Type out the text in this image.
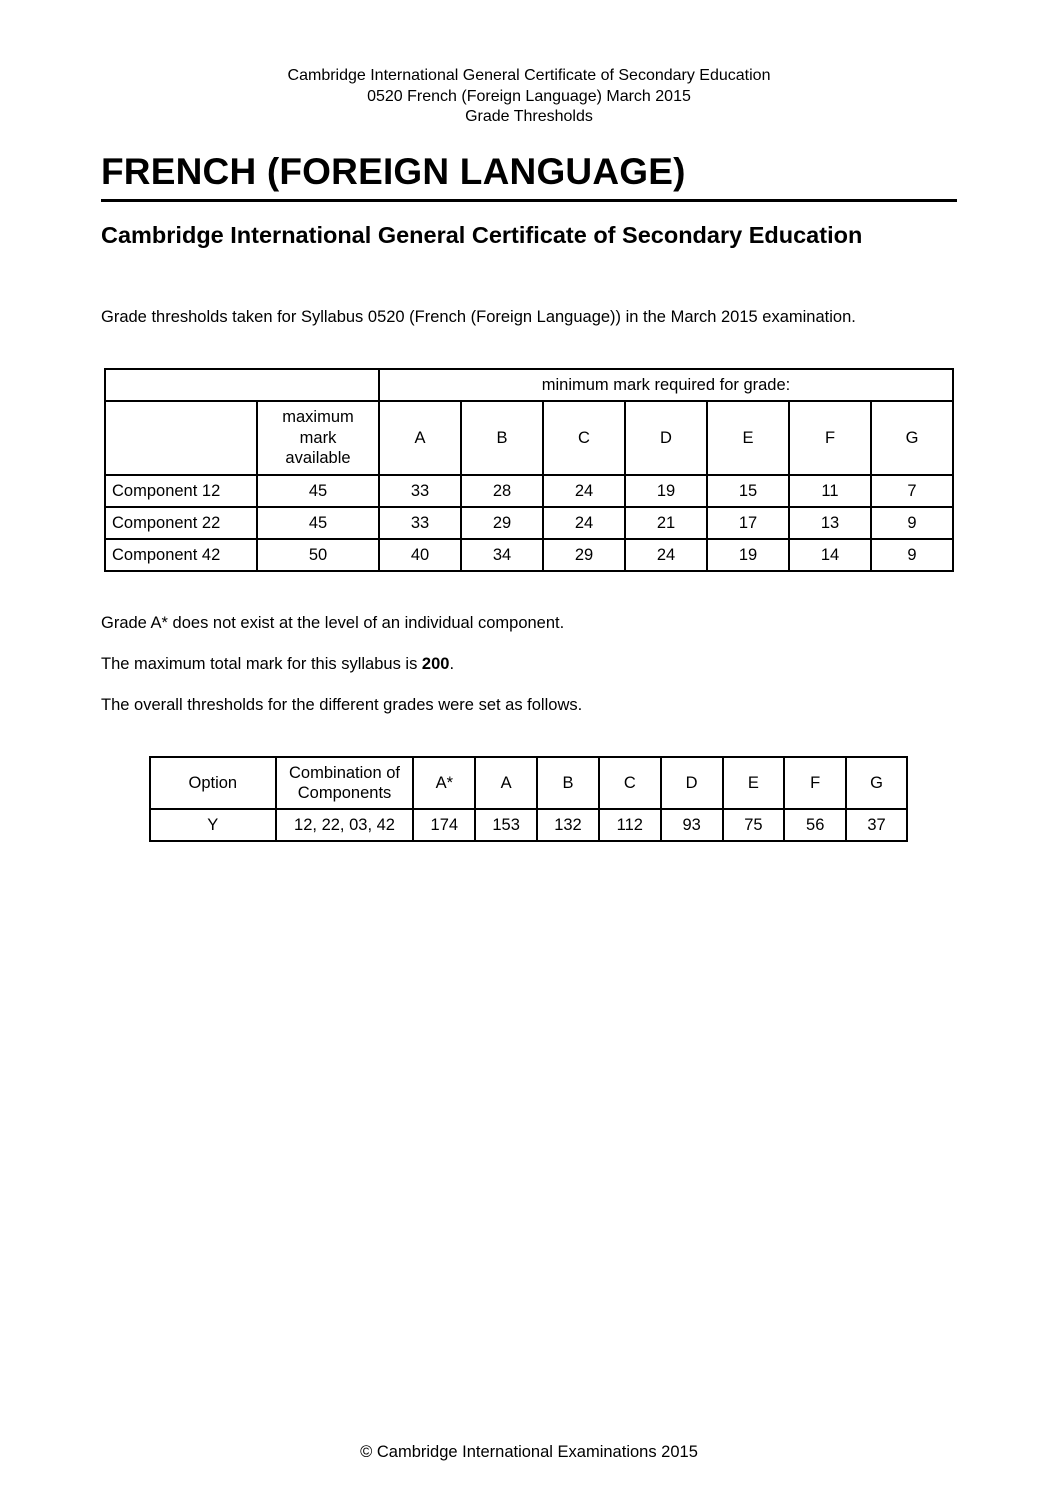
Cambridge International General Certificate of Secondary Education
0520 French (Foreign Language) March 2015
Grade Thresholds
FRENCH (FOREIGN LANGUAGE)
Cambridge International General Certificate of Secondary Education

Grade thresholds taken for Syllabus 0520 (French (Foreign Language)) in the March 2015 examination.

		minimum mark required for grade:						
	maximum
mark
available	A	B	C	D	E	F	G
Component 12	45	33	28	24	19	15	11	7
Component 22	45	33	29	24	21	17	13	9
Component 42	50	40	34	29	24	19	14	9

Grade A* does not exist at the level of an individual component.

The maximum total mark for this syllabus is 200.

The overall thresholds for the different grades were set as follows.

Option	Combination of
Components	A*	A	B	C	D	E	F	G
Y	12, 22, 03, 42	174	153	132	112	93	75	56	37
© Cambridge International Examinations 2015
